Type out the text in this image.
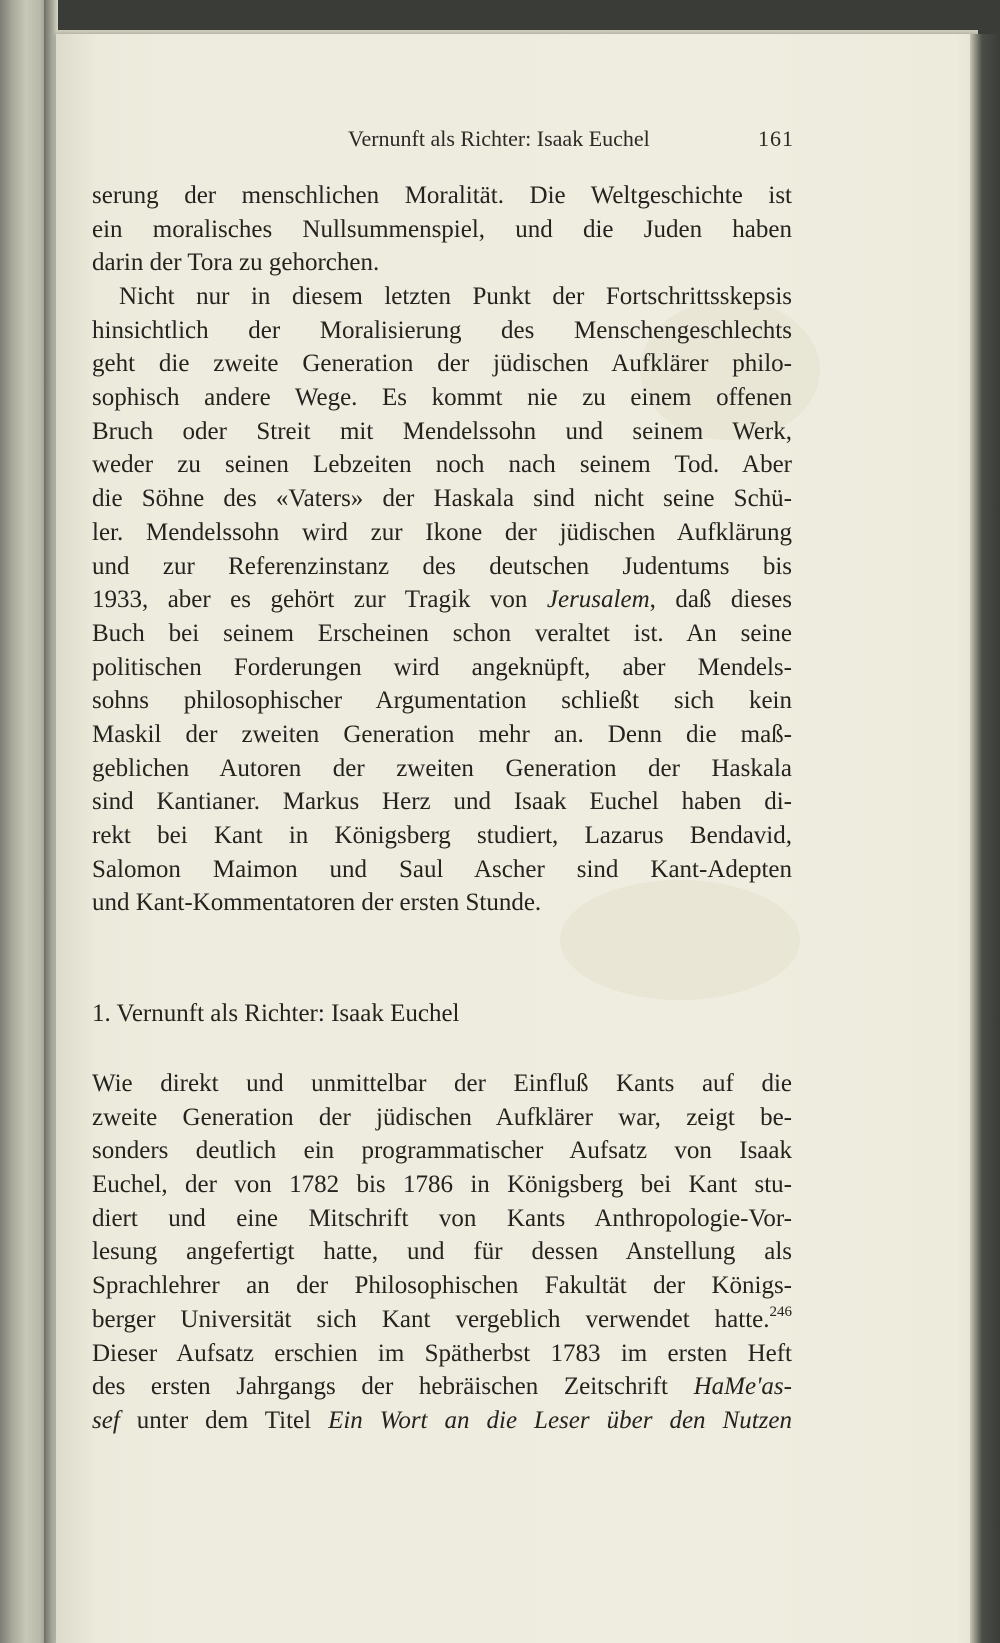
Vernunft als Richter: Isaak Euchel	161
serung der menschlichen Moralität. Die Weltgeschichte ist
ein moralisches Nullsummenspiel, und die Juden haben
darin der Tora zu gehorchen.
Nicht nur in diesem letzten Punkt der Fortschrittsskepsis
hinsichtlich der Moralisierung des Menschengeschlechts
geht die zweite Generation der jüdischen Aufklärer philo-
sophisch andere Wege. Es kommt nie zu einem offenen
Bruch oder Streit mit Mendelssohn und seinem Werk,
weder zu seinen Lebzeiten noch nach seinem Tod. Aber
die Söhne des «Vaters» der Haskala sind nicht seine Schü-
ler. Mendelssohn wird zur Ikone der jüdischen Aufklärung
und zur Referenzinstanz des deutschen Judentums bis
1933, aber es gehört zur Tragik von Jerusalem, daß dieses
Buch bei seinem Erscheinen schon veraltet ist. An seine
politischen Forderungen wird angeknüpft, aber Mendels-
sohns philosophischer Argumentation schließt sich kein
Maskil der zweiten Generation mehr an. Denn die maß-
geblichen Autoren der zweiten Generation der Haskala
sind Kantianer. Markus Herz und Isaak Euchel haben di-
rekt bei Kant in Königsberg studiert, Lazarus Bendavid,
Salomon Maimon und Saul Ascher sind Kant-Adepten
und Kant-Kommentatoren der ersten Stunde.
1. Vernunft als Richter: Isaak Euchel
Wie direkt und unmittelbar der Einfluß Kants auf die
zweite Generation der jüdischen Aufklärer war, zeigt be-
sonders deutlich ein programmatischer Aufsatz von Isaak
Euchel, der von 1782 bis 1786 in Königsberg bei Kant stu-
diert und eine Mitschrift von Kants Anthropologie-Vor-
lesung angefertigt hatte, und für dessen Anstellung als
Sprachlehrer an der Philosophischen Fakultät der Königs-
berger Universität sich Kant vergeblich verwendet hatte.$^{246}$
Dieser Aufsatz erschien im Spätherbst 1783 im ersten Heft
des ersten Jahrgangs der hebräischen Zeitschrift HaMe'as-
sef unter dem Titel Ein Wort an die Leser über den Nutzen
